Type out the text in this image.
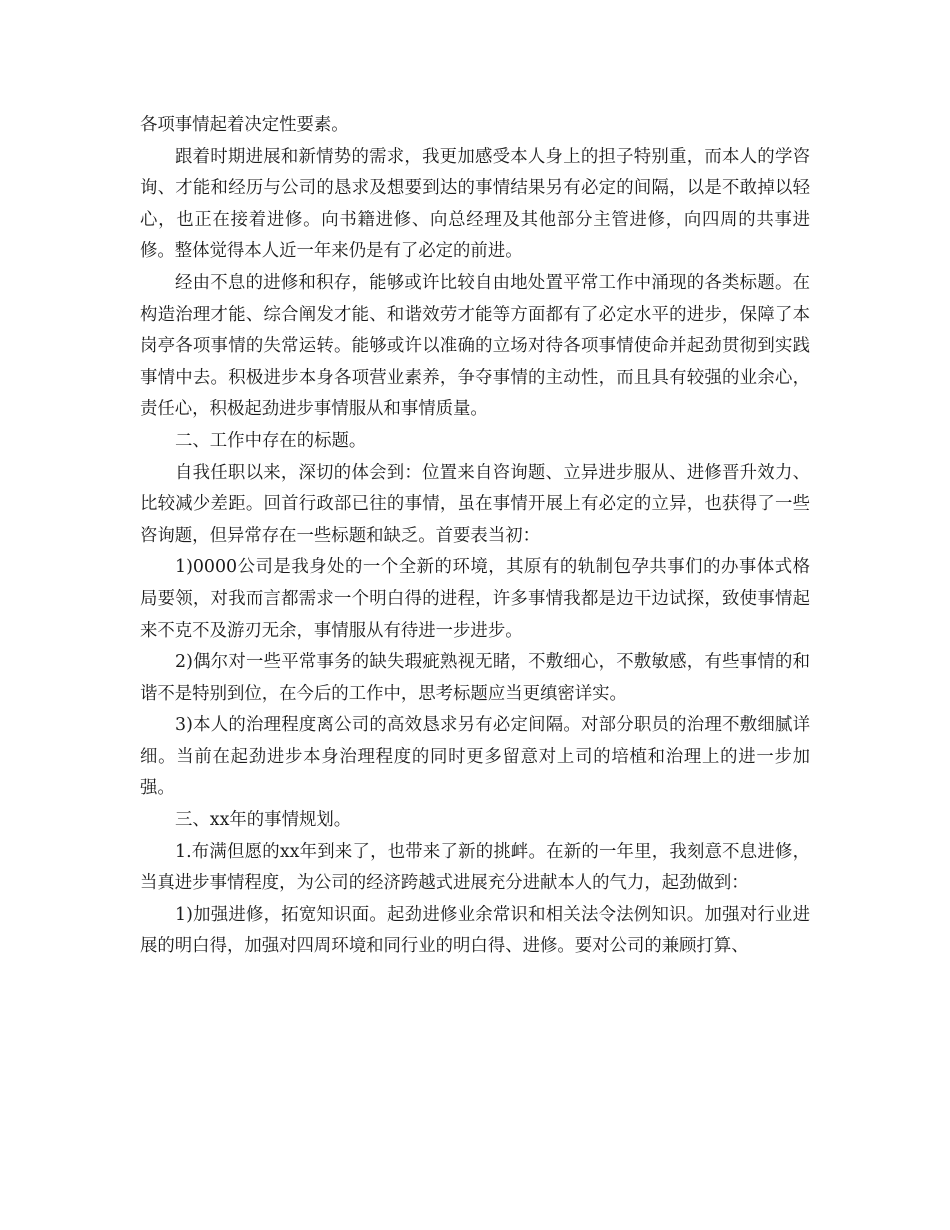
各项事情起着决定性要素。

跟着时期进展和新情势的需求，我更加感受本人身上的担子特别重，而本人的学咨询、才能和经历与公司的恳求及想要到达的事情结果另有必定的间隔，以是不敢掉以轻心，也正在接着进修。向书籍进修、向总经理及其他部分主管进修，向四周的共事进修。整体觉得本人近一年来仍是有了必定的前进。

经由不息的进修和积存，能够或许比较自由地处置平常工作中涌现的各类标题。在构造治理才能、综合阐发才能、和谐效劳才能等方面都有了必定水平的进步，保障了本岗亭各项事情的失常运转。能够或许以准确的立场对待各项事情使命并起劲贯彻到实践事情中去。积极进步本身各项营业素养，争夺事情的主动性，而且具有较强的业余心，责任心，积极起劲进步事情服从和事情质量。

二、工作中存在的标题。

自我任职以来，深切的体会到：位置来自咨询题、立异进步服从、进修晋升效力、比较减少差距。回首行政部已往的事情，虽在事情开展上有必定的立异，也获得了一些咨询题，但异常存在一些标题和缺乏。首要表当初：

1)0000公司是我身处的一个全新的环境，其原有的轨制包孕共事们的办事体式格局要领，对我而言都需求一个明白得的进程，许多事情我都是边干边试探，致使事情起来不克不及游刃无余，事情服从有待进一步进步。

2)偶尔对一些平常事务的缺失瑕疵熟视无睹，不敷细心，不敷敏感，有些事情的和谐不是特别到位，在今后的工作中，思考标题应当更缜密详实。

3)本人的治理程度离公司的高效恳求另有必定间隔。对部分职员的治理不敷细腻详细。当前在起劲进步本身治理程度的同时更多留意对上司的培植和治理上的进一步加强。

三、xx年的事情规划。

1.布满但愿的xx年到来了，也带来了新的挑衅。在新的一年里，我刻意不息进修，当真进步事情程度，为公司的经济跨越式进展充分进献本人的气力，起劲做到：

1)加强进修，拓宽知识面。起劲进修业余常识和相关法令法例知识。加强对行业进展的明白得，加强对四周环境和同行业的明白得、进修。要对公司的兼顾打算、
